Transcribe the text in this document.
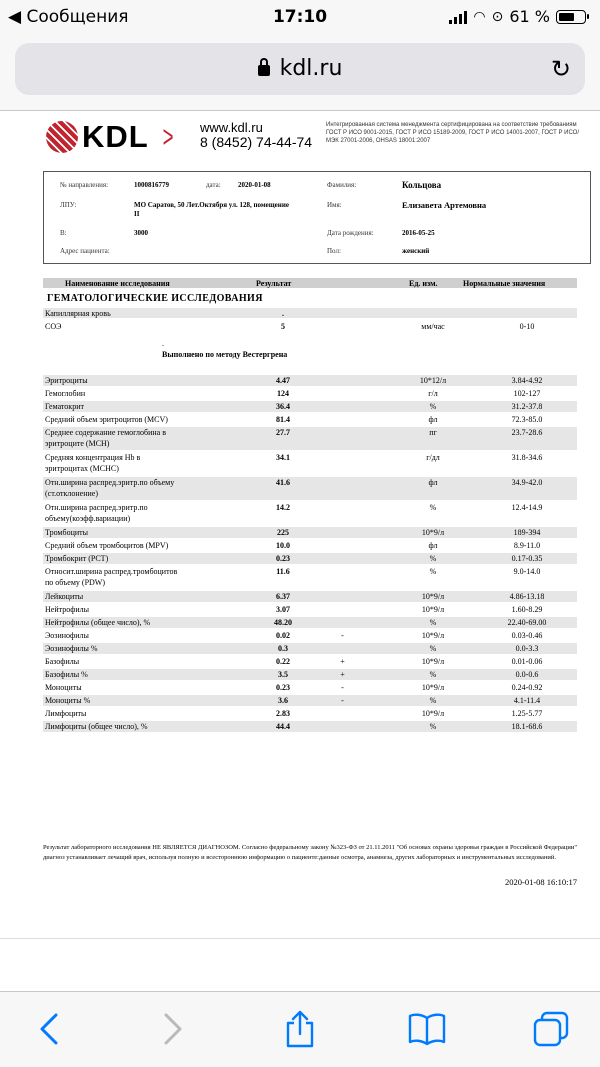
◀ Сообщения	17:10	◠ ⊙ 61 %
kdl.ru	↻
KDL > www.kdl.ru
8 (8452) 74-44-74
Интегрированная система менеджмента сертифицирована на соответствие требованиям ГОСТ Р ИСО 9001-2015, ГОСТ Р ИСО 15189-2009, ГОСТ Р ИСО 14001-2007, ГОСТ Р ИСО/МЭК 27001-2006, OHSAS 18001:2007
№ направления:	1000816779	дата: 2020-01-08	Фамилия:	Кольцова
ЛПУ:	МО Саратов, 50 Лет.Октября ул. 128, помещение
II
Имя:	Елизавета Артемовна
В:	3000	Дата рождения:	2016-05-25
Адрес пациента:	Пол:	женский
Наименование исследования	Результат	Ед. изм.	Нормальные значения
ГЕМАТОЛОГИЧЕСКИЕ ИССЛЕДОВАНИЯ
Капиллярная кровь	.
СОЭ	5	мм/час	0-10
.
Выполнено по методу Вестергрена
Эритроциты	4.47	10*12/л	3.84-4.92
Гемоглобин	124	г/л	102-127
Гематокрит	36.4	%	31.2-37.8
Средний объем эритроцитов (MCV)	81.4	фл	72.3-85.0
Среднее содержание гемоглобина в	27.7	пг	23.7-28.6
эритроците (MCH)
Средняя концентрация Hb в	34.1	г/дл	31.8-34.6
эритроцитах (MCHC)
Отн.ширина распред.эритр.по объему	41.6	фл	34.9-42.0
(ст.отклонение)
Отн.ширина распред.эритр.по	14.2	%	12.4-14.9
объему(коэфф.вариации)
Тромбоциты	225	10*9/л	189-394
Средний объем тромбоцитов (MPV)	10.0	фл	8.9-11.0
Тромбокрит (PCT)	0.23	%	0.17-0.35
Относит.ширина распред.тромбоцитов	11.6	%	9.0-14.0
по объему (PDW)
Лейкоциты	6.37	10*9/л	4.86-13.18
Нейтрофилы	3.07	10*9/л	1.60-8.29
Нейтрофилы (общее число), %	48.20	%	22.40-69.00
Эозинофилы	0.02	-	10*9/л	0.03-0.46
Эозинофилы %	0.3	%	0.0-3.3
Базофилы	0.22	+	10*9/л	0.01-0.06
Базофилы %	3.5	+	%	0.0-0.6
Моноциты	0.23	-	10*9/л	0.24-0.92
Моноциты %	3.6	-	%	4.1-11.4
Лимфоциты	2.83	10*9/л	1.25-5.77
Лимфоциты (общее число), %	44.4	%	18.1-68.6
Результат лабораторного исследования НЕ ЯВЛЯЕТСЯ ДИАГНОЗОМ. Согласно федеральному закону №323-ФЗ от 21.11.2011 "Об основах охраны здоровья граждан в Российской Федерации" диагноз устанавливает лечащий врач, используя полную и всестороннюю информацию о пациенте:данные осмотра, анамнеза, других лабораторных и инструментальных исследований.
2020-01-08 16:10:17
